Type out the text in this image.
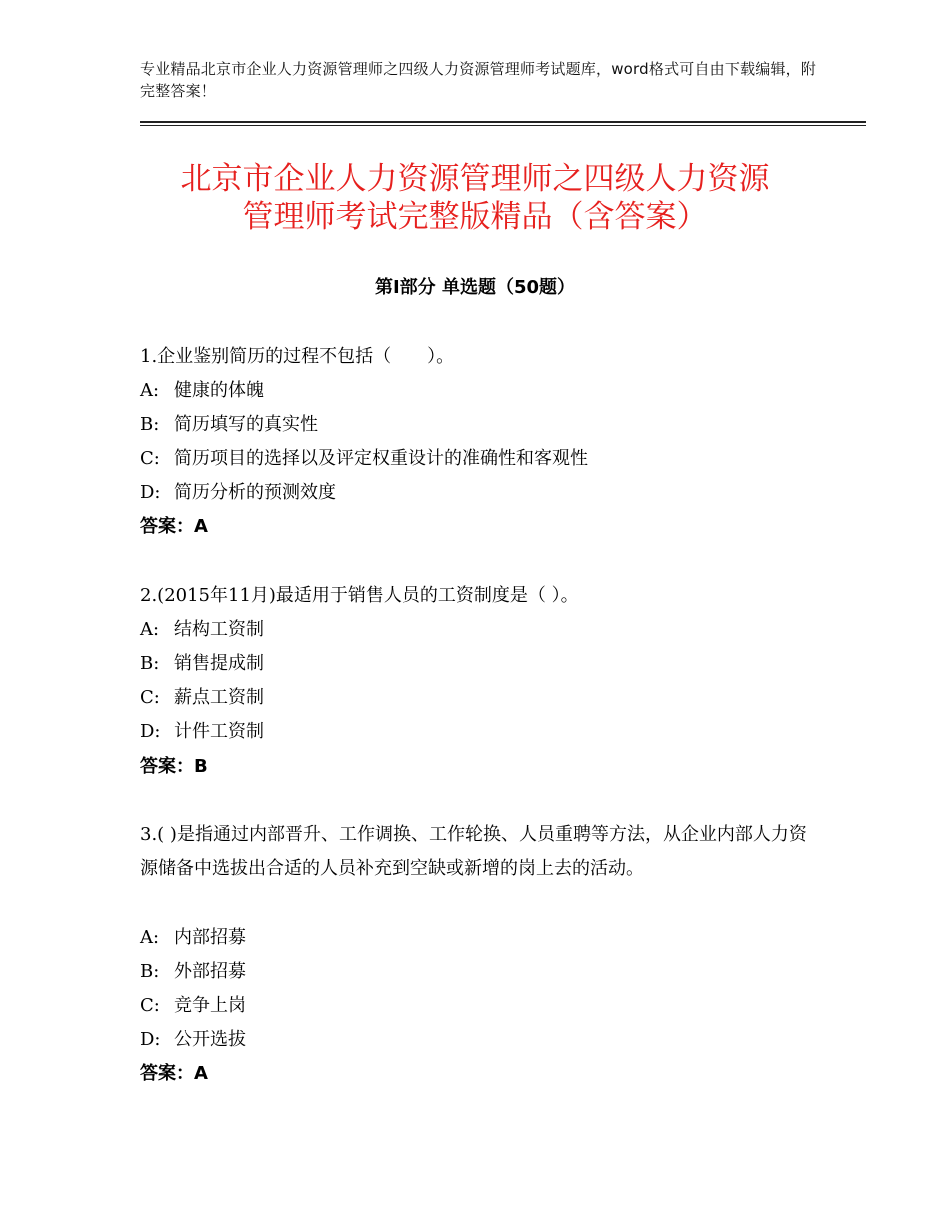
专业精品北京市企业人力资源管理师之四级人力资源管理师考试题库，word格式可自由下载编辑，附完整答案！
北京市企业人力资源管理师之四级人力资源
管理师考试完整版精品（含答案）
第Ⅰ部分 单选题（50题）
1.企业鉴别简历的过程不包括（　　）。
A: 健康的体魄
B: 简历填写的真实性
C: 简历项目的选择以及评定权重设计的准确性和客观性
D: 简历分析的预测效度
答案：A
2.(2015年11月)最适用于销售人员的工资制度是（ ）。
A: 结构工资制
B: 销售提成制
C: 薪点工资制
D: 计件工资制
答案：B
3.( )是指通过内部晋升、工作调换、工作轮换、人员重聘等方法，从企业内部人力资源储备中选拔出合适的人员补充到空缺或新增的岗上去的活动。
A: 内部招募
B: 外部招募
C: 竞争上岗
D: 公开选拔
答案：A
